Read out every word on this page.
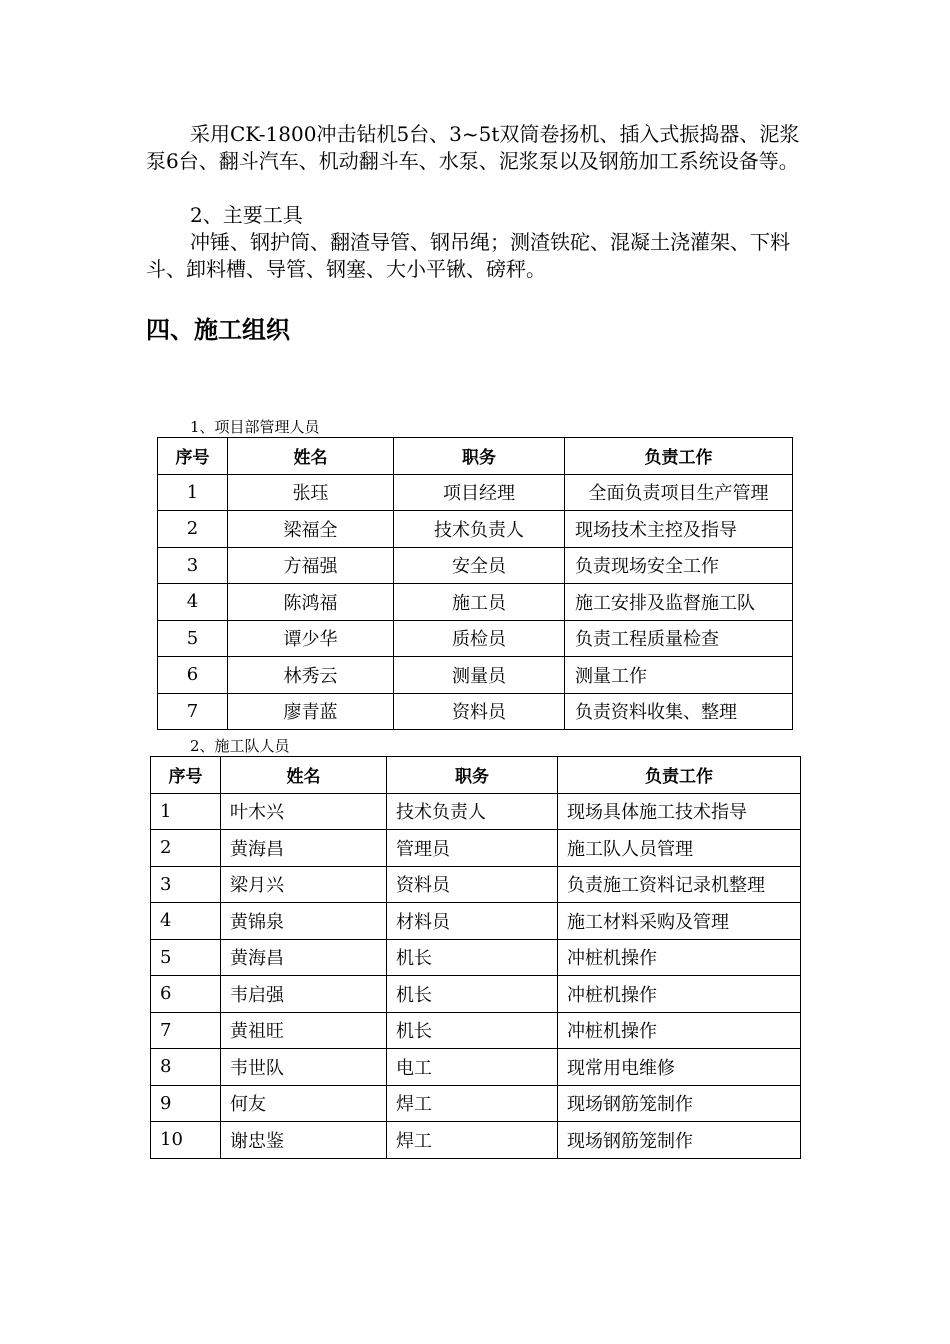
采用CK-1800冲击钻机5台、3~5t双筒卷扬机、插入式振捣器、泥浆泵6台、翻斗汽车、机动翻斗车、水泵、泥浆泵以及钢筋加工系统设备等。

2、主要工具

冲锤、钢护筒、翻渣导管、钢吊绳；测渣铁砣、混凝土浇灌架、下料斗、卸料槽、导管、钢塞、大小平锹、磅秤。

四、施工组织

1、项目部管理人员

序号	姓名	职务	负责工作
1	张珏	项目经理	全面负责项目生产管理
2	梁福全	技术负责人	现场技术主控及指导
3	方福强	安全员	负责现场安全工作
4	陈鸿福	施工员	施工安排及监督施工队
5	谭少华	质检员	负责工程质量检查
6	林秀云	测量员	测量工作
7	廖青蓝	资料员	负责资料收集、整理

2、施工队人员

序号	姓名	职务	负责工作
1	叶木兴	技术负责人	现场具体施工技术指导
2	黄海昌	管理员	施工队人员管理
3	梁月兴	资料员	负责施工资料记录机整理
4	黄锦泉	材料员	施工材料采购及管理
5	黄海昌	机长	冲桩机操作
6	韦启强	机长	冲桩机操作
7	黄祖旺	机长	冲桩机操作
8	韦世队	电工	现常用电维修
9	何友	焊工	现场钢筋笼制作
10	谢忠鉴	焊工	现场钢筋笼制作
